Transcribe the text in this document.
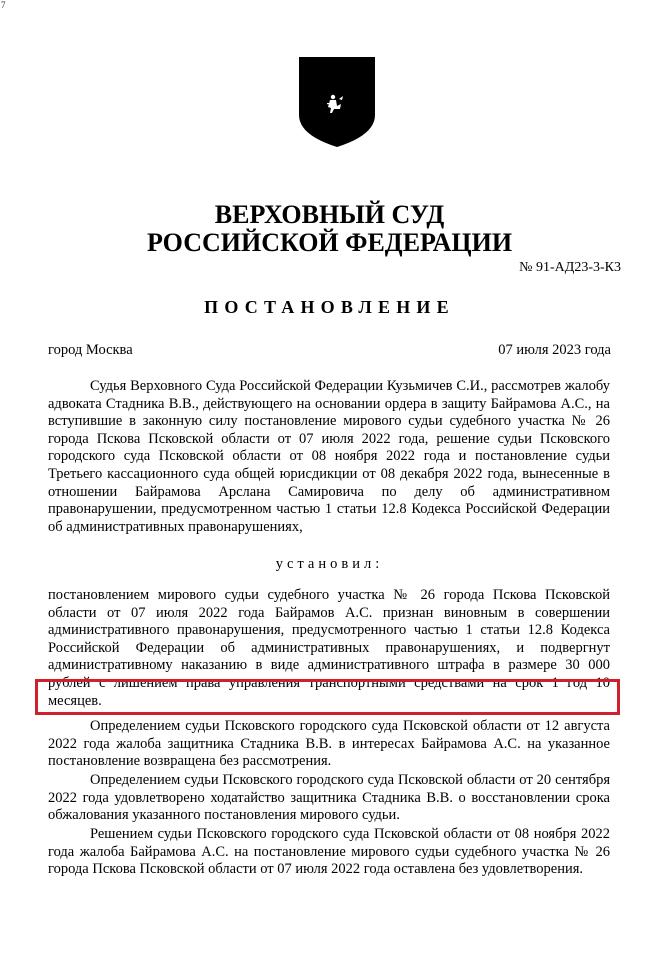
7
ВЕРХОВНЫЙ СУД
РОССИЙСКОЙ ФЕДЕРАЦИИ
№ 91-АД23-3-К3
ПОСТАНОВЛЕНИЕ
город Москва	07 июля 2023 года
Судья Верховного Суда Российской Федерации Кузьмичев С.И., рассмотрев жалобу адвоката Стадника В.В., действующего на основании ордера в защиту Байрамова А.С., на вступившие в законную силу постановление мирового судьи судебного участка № 26 города Пскова Псковской области от 07 июля 2022 года, решение судьи Псковского городского суда Псковской области от 08 ноября 2022 года и постановление судьи Третьего кассационного суда общей юрисдикции от 08 декабря 2022 года, вынесенные в отношении Байрамова Арслана Самировича по делу об административном правонарушении, предусмотренном частью 1 статьи 12.8 Кодекса Российской Федерации об административных правонарушениях,
установил:
постановлением мирового судьи судебного участка № 26 города Пскова Псковской области от 07 июля 2022 года Байрамов А.С. признан виновным в совершении административного правонарушения, предусмотренного частью 1 статьи 12.8 Кодекса Российской Федерации об административных правонарушениях, и подвергнут административному наказанию в виде административного штрафа в размере 30 000 рублей с лишением права управления транспортными средствами на срок 1 год 10 месяцев.
Определением судьи Псковского городского суда Псковской области от 12 августа 2022 года жалоба защитника Стадника В.В. в интересах Байрамова А.С. на указанное постановление возвращена без рассмотрения.
Определением судьи Псковского городского суда Псковской области от 20 сентября 2022 года удовлетворено ходатайство защитника Стадника В.В. о восстановлении срока обжалования указанного постановления мирового судьи.
Решением судьи Псковского городского суда Псковской области от 08 ноября 2022 года жалоба Байрамова А.С. на постановление мирового судьи судебного участка № 26 города Пскова Псковской области от 07 июля 2022 года оставлена без удовлетворения.
